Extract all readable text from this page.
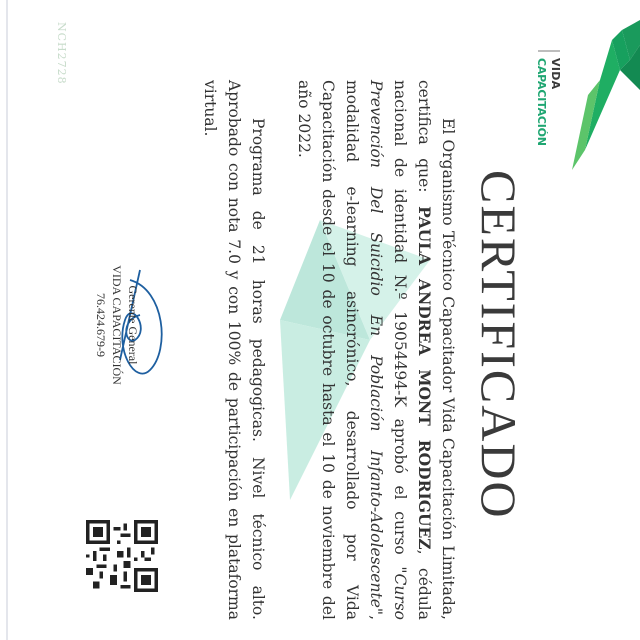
VIDA
CAPACITACIÓN
CERTIFICADO

El Organismo Técnico Capacitador Vida Capacitación Limitada, certifica que: PAULA ANDREA MONT RODRIGUEZ, cédula nacional de identidad N.º 19054494-K aprobó el curso "Curso Prevención Del Suicidio En Población Infanto-Adolescente", modalidad e-learning asincrónico, desarrollado por Vida Capacitación desde el 10 de octubre hasta el 10 de noviembre del año 2022.

Programa de 21 horas pedagogicas. Nivel técnico alto. Aprobado con nota 7.0 y con 100% de participación en plataforma virtual.

Gerente General
VIDA CAPACITACIÓN
76.424.679-9
NCH2728
